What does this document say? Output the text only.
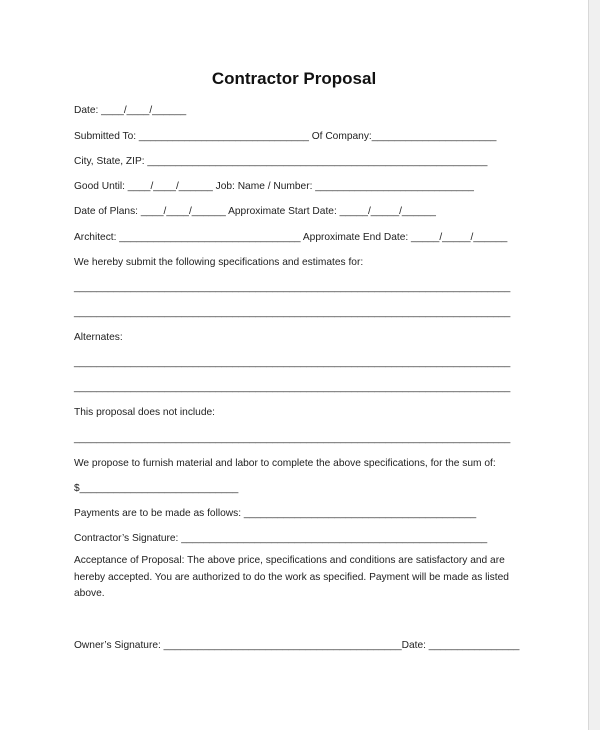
Contractor Proposal
Date: ____/____/______
Submitted To: ______________________________ Of Company:______________________
City, State, ZIP: ____________________________________________________________
Good Until: ____/____/______ Job: Name / Number: ____________________________
Date of Plans: ____/____/______ Approximate Start Date: _____/_____/______
Architect: ________________________________ Approximate End Date: _____/_____/______
We hereby submit the following specifications and estimates for:
_____________________________________________________________________________
_____________________________________________________________________________
Alternates:
_____________________________________________________________________________
_____________________________________________________________________________
This proposal does not include:
_____________________________________________________________________________
We propose to furnish material and labor to complete the above specifications, for the sum of:
$____________________________
Payments are to be made as follows: _________________________________________
Contractor’s Signature: ______________________________________________________
Acceptance of Proposal: The above price, specifications and conditions are satisfactory and are hereby accepted. You are authorized to do the work as specified. Payment will be made as listed above.
Owner’s Signature: __________________________________________Date: ________________
